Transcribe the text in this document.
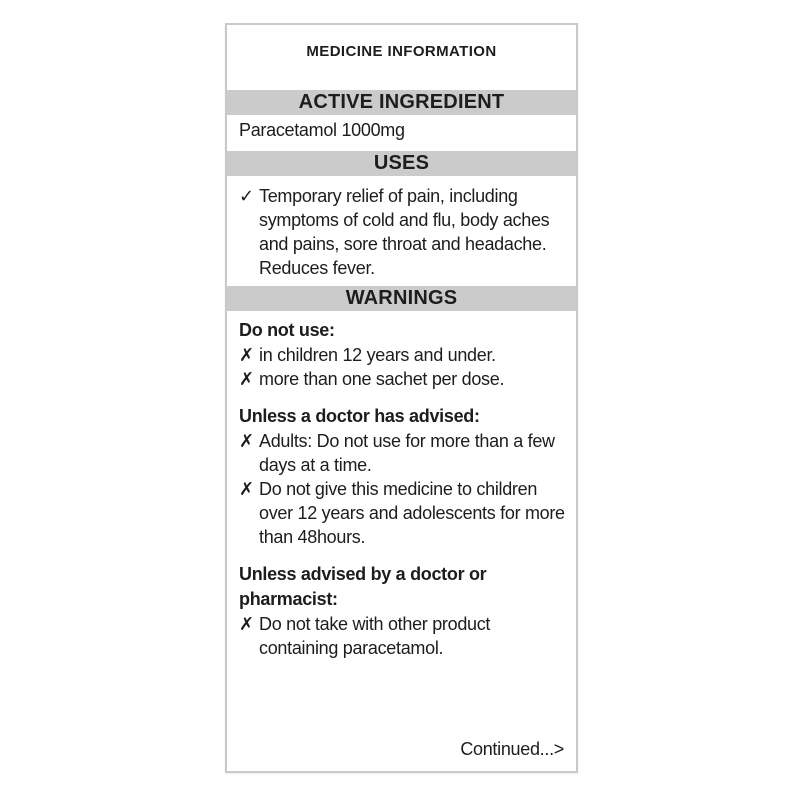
MEDICINE INFORMATION
ACTIVE INGREDIENT
Paracetamol 1000mg
USES
✓ Temporary relief of pain, including symptoms of cold and flu, body aches and pains, sore throat and headache. Reduces fever.
WARNINGS
Do not use:
✗ in children 12 years and under.
✗ more than one sachet per dose.
Unless a doctor has advised:
✗ Adults: Do not use for more than a few days at a time.
✗ Do not give this medicine to children over 12 years and adolescents for more than 48hours.
Unless advised by a doctor or pharmacist:
✗ Do not take with other product containing paracetamol.
Continued...>
